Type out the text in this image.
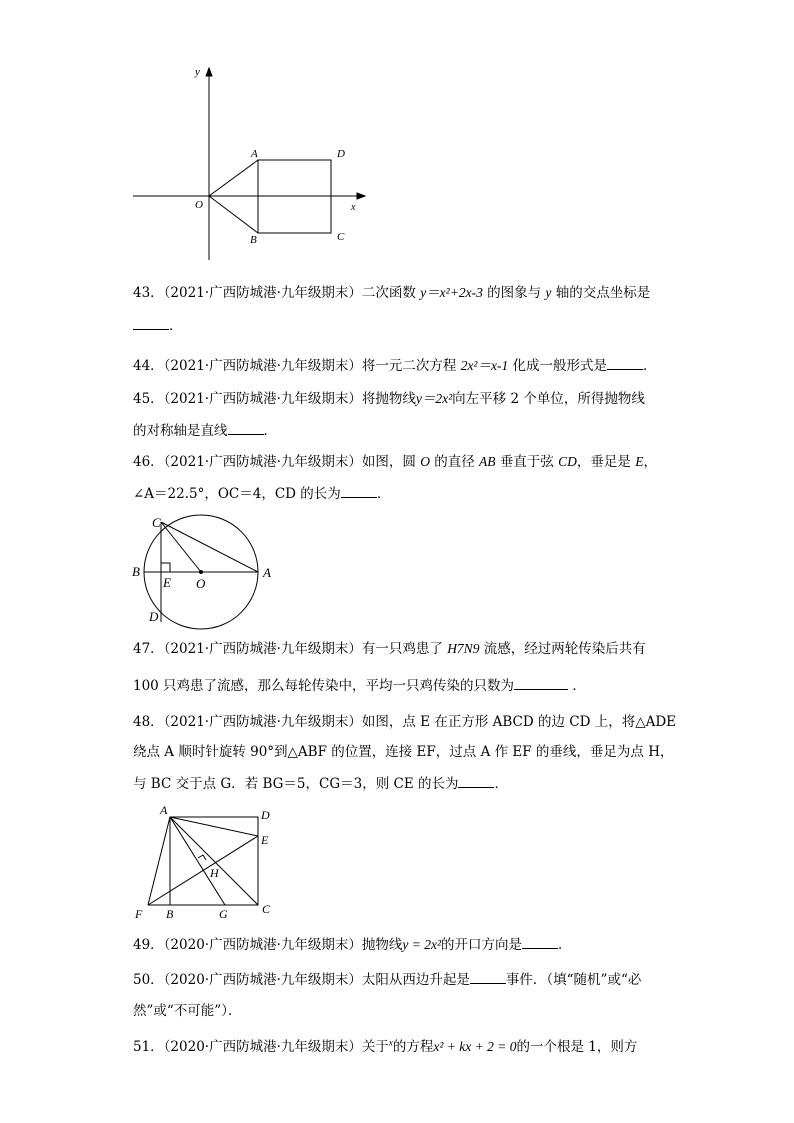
y
x
O
A
B	C
D
43．（2021·广西防城港·九年级期末）二次函数 y＝x²+2x-3 的图象与 y 轴的交点坐标是
．
44．（2021·广西防城港·九年级期末）将一元二次方程 2x²＝x-1 化成一般形式是	．
45．（2021·广西防城港·九年级期末）将抛物线y＝2x²向左平移 2 个单位，所得抛物线
的对称轴是直线	．
46．（2021·广西防城港·九年级期末）如图，圆 O 的直径 AB 垂直于弦 CD，垂足是 E，
∠A＝22.5°，OC＝4，CD 的长为	．
C
B
E O
A
D
47．（2021·广西防城港·九年级期末）有一只鸡患了 H7N9 流感，经过两轮传染后共有
100 只鸡患了流感，那么每轮传染中，平均一只鸡传染的只数为	．
48．（2021·广西防城港·九年级期末）如图，点 E 在正方形 ABCD 的边 CD 上，将△ADE
绕点 A 顺时针旋转 90°到△ABF 的位置，连接 EF，过点 A 作 EF 的垂线，垂足为点 H，
与 BC 交于点 G．若 BG＝5，CG＝3，则 CE 的长为	．
A	D
E
H
F B	G	C
49．（2020·广西防城港·九年级期末）抛物线y = 2x²的开口方向是	．
50．（2020·广西防城港·九年级期末）太阳从西边升起是	事件．（填“随机”或“必
然”或“不可能”）．
51．（2020·广西防城港·九年级期末）关于$^x$的方程x² + kx + 2 = 0的一个根是 1，则方
